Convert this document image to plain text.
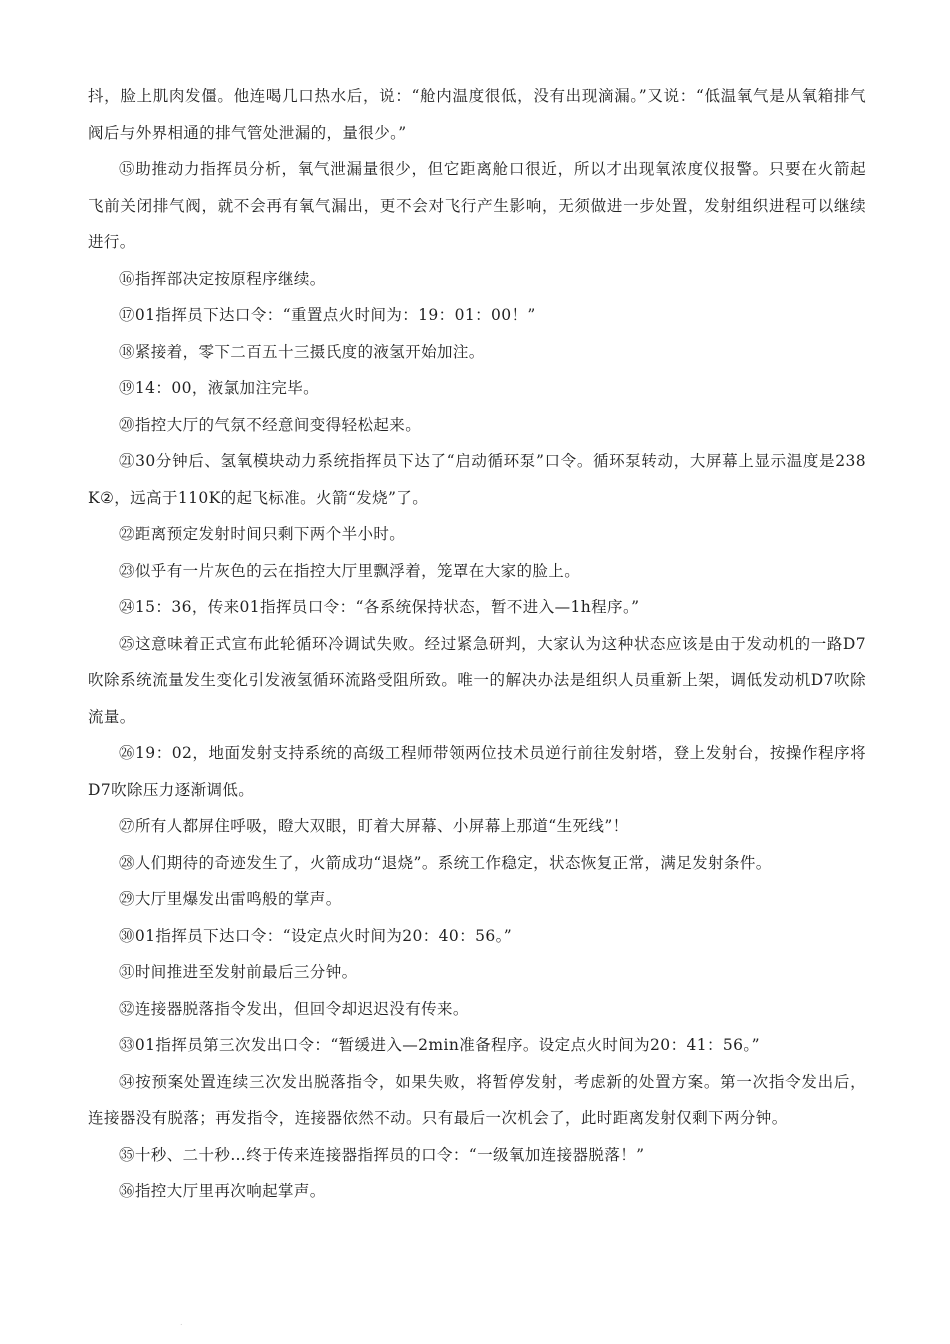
抖，脸上肌肉发僵。他连喝几口热水后，说：“舱内温度很低，没有出现滴漏。”又说：“低温氧气是从氧箱排气阀后与外界相通的排气管处泄漏的，量很少。”

⑮助推动力指挥员分析，氧气泄漏量很少，但它距离舱口很近，所以才出现氧浓度仪报警。只要在火箭起飞前关闭排气阀，就不会再有氧气漏出，更不会对飞行产生影响，无须做进一步处置，发射组织进程可以继续进行。

⑯指挥部决定按原程序继续。

⑰01指挥员下达口令：“重置点火时间为：19：01：00！”

⑱紧接着，零下二百五十三摄氏度的液氢开始加注。

⑲14：00，液氯加注完毕。

⑳指控大厅的气氛不经意间变得轻松起来。

㉑30分钟后、氢氧模块动力系统指挥员下达了“启动循环泵”口令。循环泵转动，大屏幕上显示温度是238K②，远高于110K的起飞标准。火箭“发烧”了。

㉒距离预定发射时间只剩下两个半小时。

㉓似乎有一片灰色的云在指控大厅里飘浮着，笼罩在大家的脸上。

㉔15：36，传来01指挥员口令：“各系统保持状态，暂不进入—1h程序。”

㉕这意味着正式宣布此轮循环冷调试失败。经过紧急研判，大家认为这种状态应该是由于发动机的一路D7吹除系统流量发生变化引发液氢循环流路受阻所致。唯一的解决办法是组织人员重新上架，调低发动机D7吹除流量。

㉖19：02，地面发射支持系统的高级工程师带领两位技术员逆行前往发射塔，登上发射台，按操作程序将D7吹除压力逐渐调低。

㉗所有人都屏住呼吸，瞪大双眼，盯着大屏幕、小屏幕上那道“生死线”！

㉘人们期待的奇迹发生了，火箭成功“退烧”。系统工作稳定，状态恢复正常，满足发射条件。

㉙大厅里爆发出雷鸣般的掌声。

㉚01指挥员下达口令：“设定点火时间为20：40：56。”

㉛时间推进至发射前最后三分钟。

㉜连接器脱落指令发出，但回令却迟迟没有传来。

㉝01指挥员第三次发出口令：“暂缓进入—2min准备程序。设定点火时间为20：41：56。”

㉞按预案处置连续三次发出脱落指令，如果失败，将暂停发射，考虑新的处置方案。第一次指令发出后，连接器没有脱落；再发指令，连接器依然不动。只有最后一次机会了，此时距离发射仅剩下两分钟。

㉟十秒、二十秒…终于传来连接器指挥员的口令：“一级氧加连接器脱落！”

㊱指控大厅里再次响起掌声。

.
